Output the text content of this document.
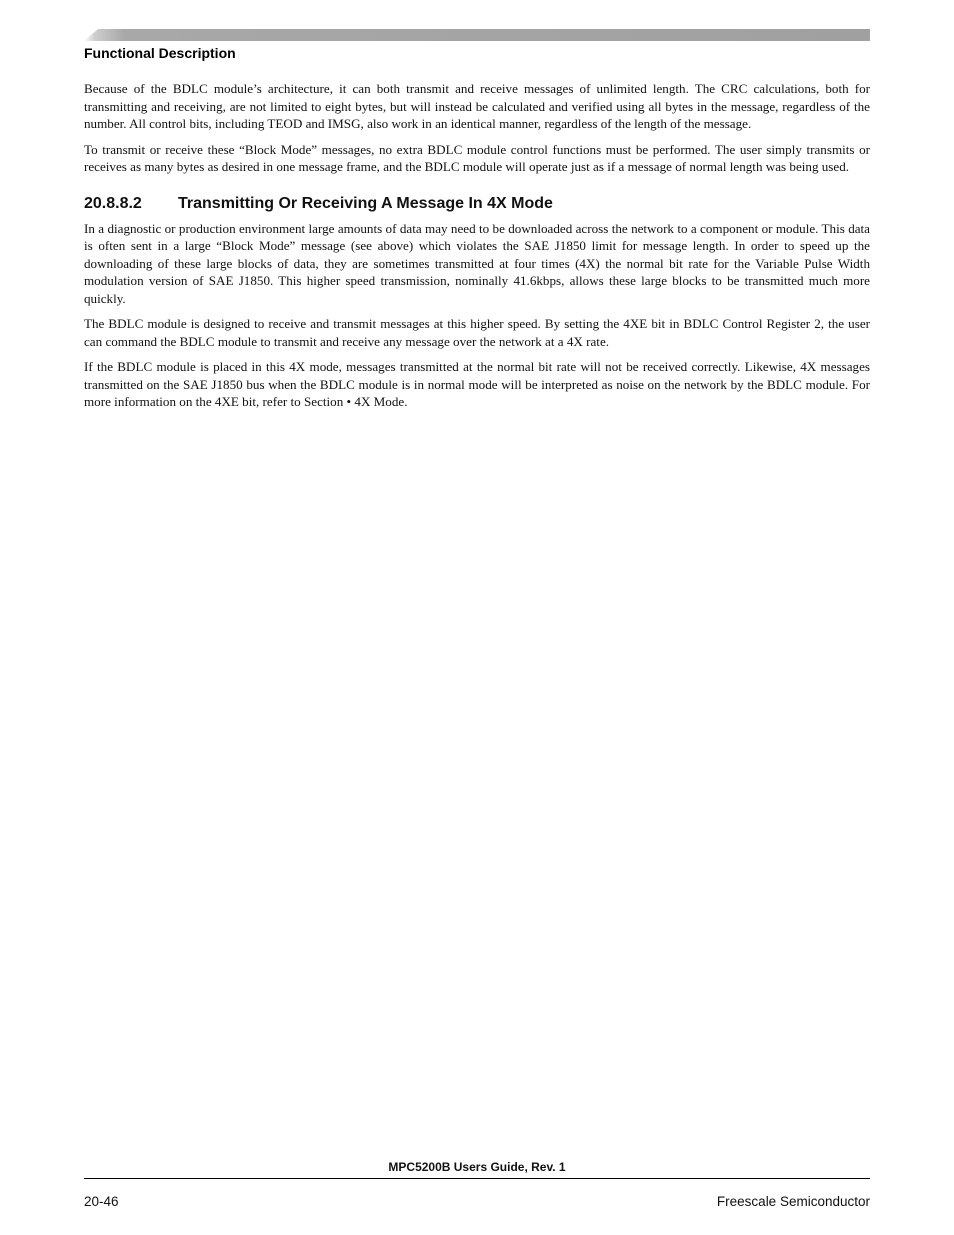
Functional Description

Because of the BDLC module’s architecture, it can both transmit and receive messages of unlimited length. The CRC calculations, both for transmitting and receiving, are not limited to eight bytes, but will instead be calculated and verified using all bytes in the message, regardless of the number. All control bits, including TEOD and IMSG, also work in an identical manner, regardless of the length of the message.

To transmit or receive these “Block Mode” messages, no extra BDLC module control functions must be performed. The user simply transmits or receives as many bytes as desired in one message frame, and the BDLC module will operate just as if a message of normal length was being used.

20.8.8.2	Transmitting Or Receiving A Message In 4X Mode

In a diagnostic or production environment large amounts of data may need to be downloaded across the network to a component or module. This data is often sent in a large “Block Mode” message (see above) which violates the SAE J1850 limit for message length. In order to speed up the downloading of these large blocks of data, they are sometimes transmitted at four times (4X) the normal bit rate for the Variable Pulse Width modulation version of SAE J1850. This higher speed transmission, nominally 41.6kbps, allows these large blocks to be transmitted much more quickly.

The BDLC module is designed to receive and transmit messages at this higher speed. By setting the 4XE bit in BDLC Control Register 2, the user can command the BDLC module to transmit and receive any message over the network at a 4X rate.

If the BDLC module is placed in this 4X mode, messages transmitted at the normal bit rate will not be received correctly. Likewise, 4X messages transmitted on the SAE J1850 bus when the BDLC module is in normal mode will be interpreted as noise on the network by the BDLC module. For more information on the 4XE bit, refer to Section • 4X Mode.

MPC5200B Users Guide, Rev. 1
20-46	Freescale Semiconductor
